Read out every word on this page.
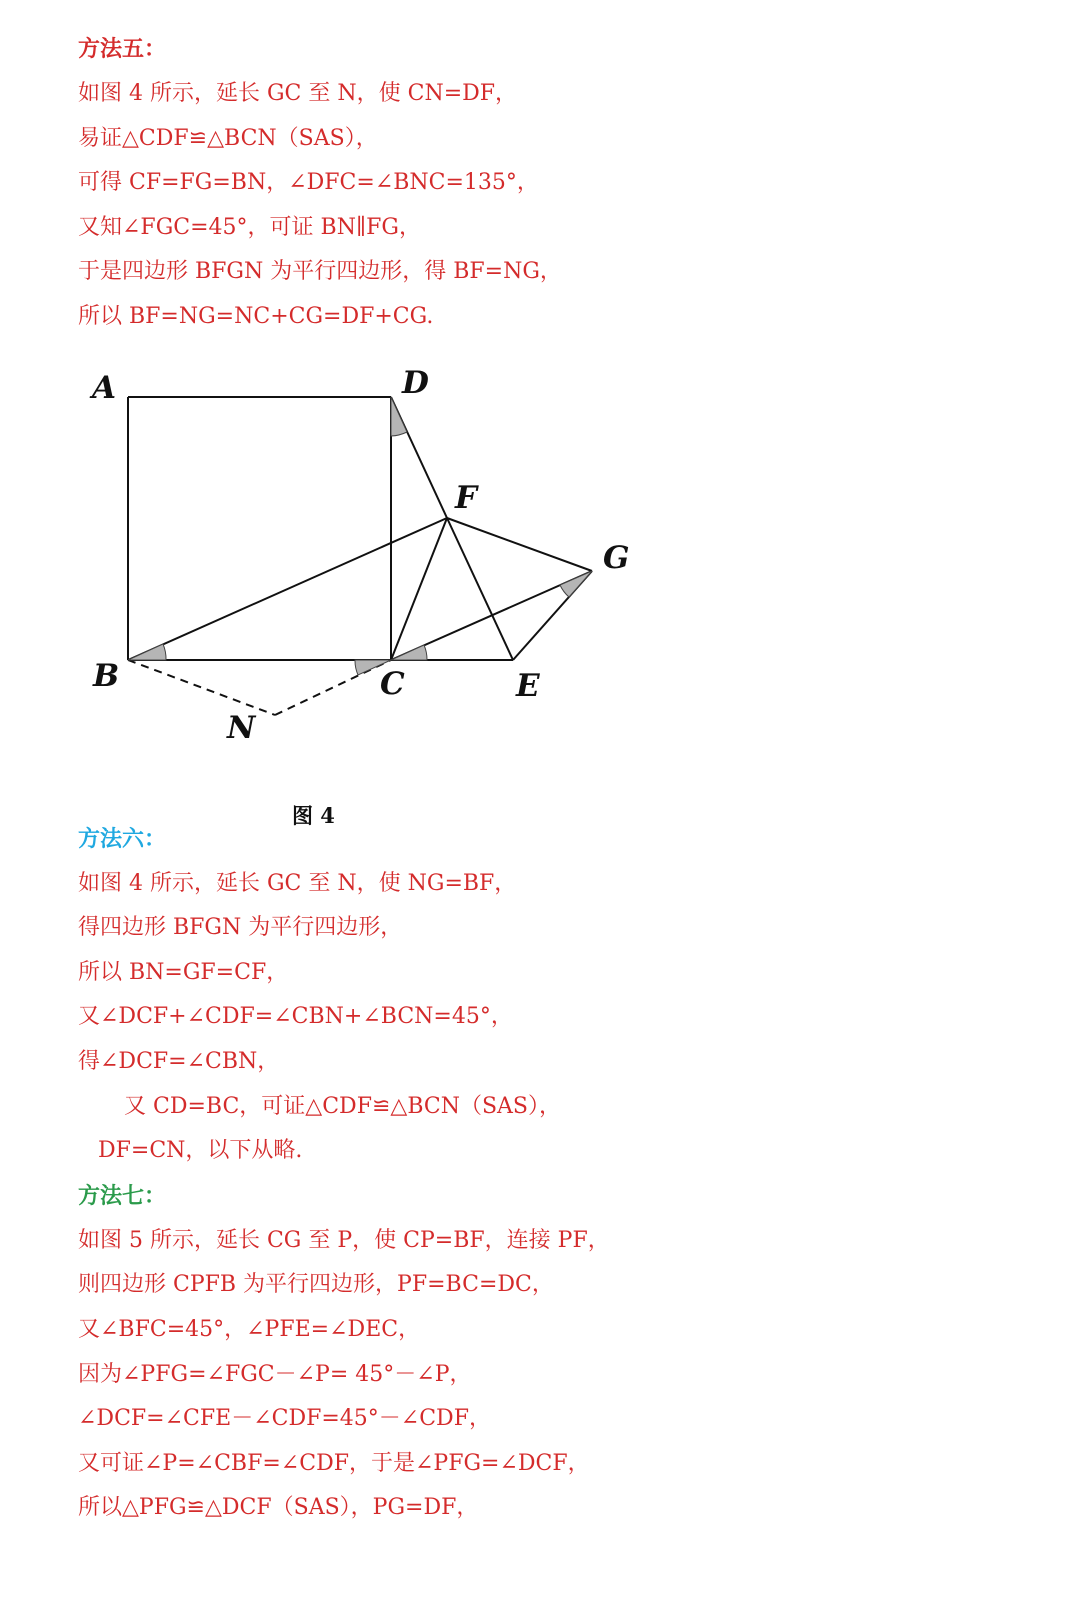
方法五：
如图 4 所示，延长 GC 至 N，使 CN=DF，
易证△CDF≌△BCN（SAS），
可得 CF=FG=BN，∠DFC=∠BNC=135°，
又知∠FGC=45°，可证 BN∥FG，
于是四边形 BFGN 为平行四边形，得 BF=NG，
所以 BF=NG=NC+CG=DF+CG.
A	D
F
G
B	C	E
N
图 4
方法六：
如图 4 所示，延长 GC 至 N，使 NG=BF，
得四边形 BFGN 为平行四边形，
所以 BN=GF=CF，
又∠DCF+∠CDF=∠CBN+∠BCN=45°，
得∠DCF=∠CBN，
又 CD=BC，可证△CDF≌△BCN（SAS），
DF=CN，以下从略.
方法七：
如图 5 所示，延长 CG 至 P，使 CP=BF，连接 PF，
则四边形 CPFB 为平行四边形，PF=BC=DC，
又∠BFC=45°，∠PFE=∠DEC，
因为∠PFG=∠FGC－∠P= 45°－∠P，
∠DCF=∠CFE－∠CDF=45°－∠CDF，
又可证∠P=∠CBF=∠CDF，于是∠PFG=∠DCF，
所以△PFG≌△DCF（SAS），PG=DF，
